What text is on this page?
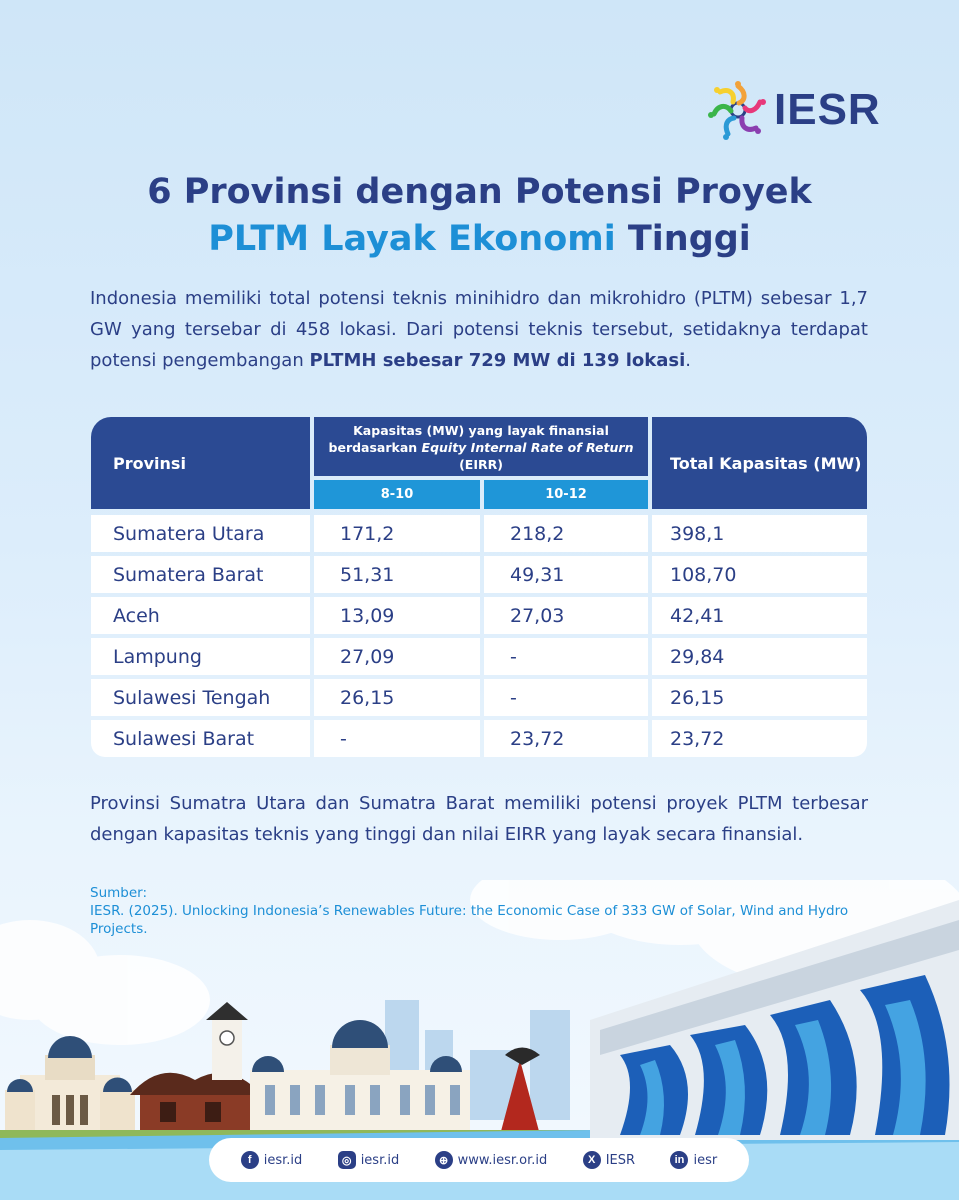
IESR
6 Provinsi dengan Potensi Proyek
PLTM Layak Ekonomi Tinggi

Indonesia memiliki total potensi teknis minihidro dan mikrohidro (PLTM) sebesar 1,7 GW yang tersebar di 458 lokasi. Dari potensi teknis tersebut, setidaknya terdapat potensi pengembangan PLTMH sebesar 729 MW di 139 lokasi.

Provinsi
Kapasitas (MW) yang layak finansial berdasarkan Equity Internal Rate of Return (EIRR)
8-10	10-12
Total Kapasitas (MW)
Sumatera Utara	171,2	218,2	398,1
Sumatera Barat	51,31	49,31	108,70
Aceh	13,09	27,03	42,41
Lampung	27,09	-	29,84
Sulawesi Tengah	26,15	-	26,15
Sulawesi Barat	-	23,72	23,72

Provinsi Sumatra Utara dan Sumatra Barat memiliki potensi proyek PLTM terbesar dengan kapasitas teknis yang tinggi dan nilai EIRR yang layak secara finansial.

Sumber:
IESR. (2025). Unlocking Indonesia’s Renewables Future: the Economic Case of 333 GW of Solar, Wind and Hydro Projects.
f iesr.id	◎ iesr.id	⊕ www.iesr.or.id	X IESR	in iesr
